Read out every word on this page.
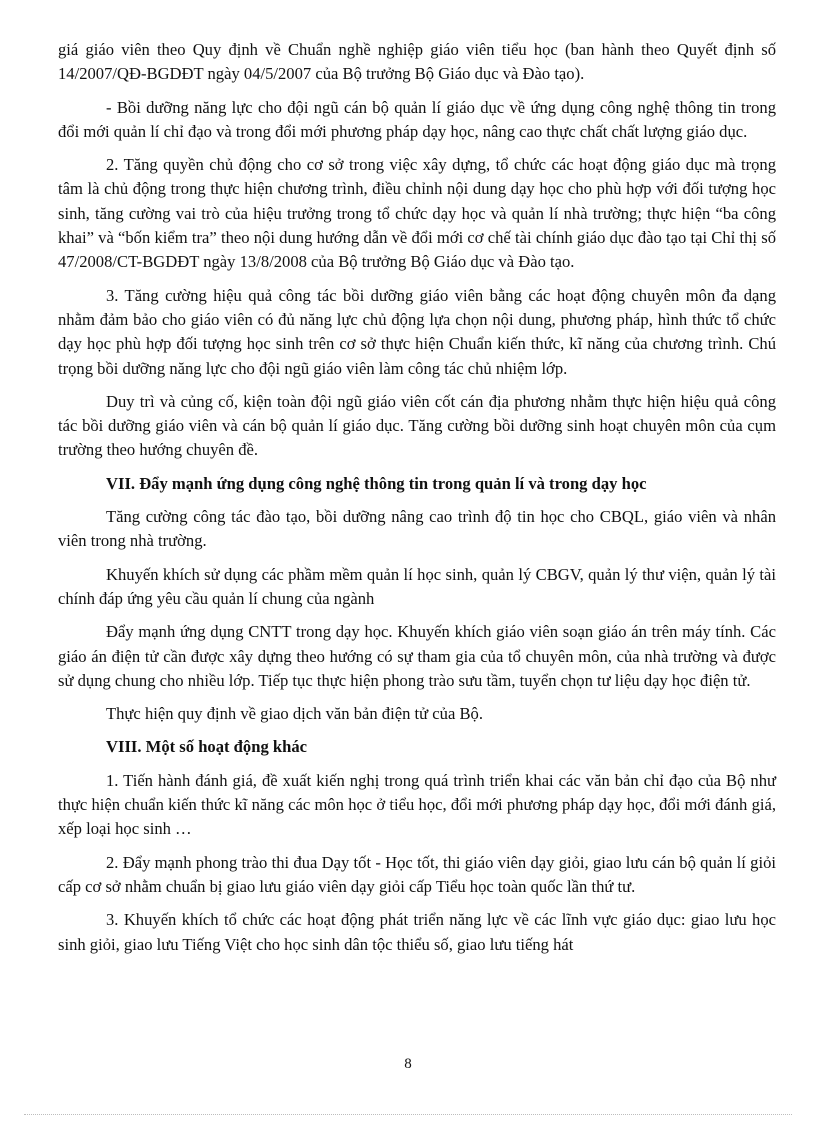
giá giáo viên theo Quy định về Chuẩn nghề nghiệp giáo viên tiểu học (ban hành theo Quyết định số 14/2007/QĐ-BGDĐT ngày 04/5/2007 của Bộ trưởng Bộ Giáo dục và Đào tạo).

- Bồi dưỡng năng lực cho đội ngũ cán bộ quản lí giáo dục về ứng dụng công nghệ thông tin trong đổi mới quản lí chỉ đạo và trong đổi mới phương pháp dạy học, nâng cao thực chất chất lượng giáo dục.

2. Tăng quyền chủ động cho cơ sở trong việc xây dựng, tổ chức các hoạt động giáo dục mà trọng tâm là chủ động trong thực hiện chương trình, điều chỉnh nội dung dạy học cho phù hợp với đối tượng học sinh, tăng cường vai trò của hiệu trưởng trong tổ chức dạy học và quản lí nhà trường; thực hiện “ba công khai” và “bốn kiểm tra” theo nội dung hướng dẫn về đổi mới cơ chế tài chính giáo dục đào tạo tại Chỉ thị số 47/2008/CT-BGDĐT ngày 13/8/2008 của Bộ trưởng Bộ Giáo dục và Đào tạo.

3. Tăng cường hiệu quả công tác bồi dưỡng giáo viên bằng các hoạt động chuyên môn đa dạng nhằm đảm bảo cho giáo viên có đủ năng lực chủ động lựa chọn nội dung, phương pháp, hình thức tổ chức dạy học phù hợp đối tượng học sinh trên cơ sở thực hiện Chuẩn kiến thức, kĩ năng của chương trình. Chú trọng bồi dưỡng năng lực cho đội ngũ giáo viên làm công tác chủ nhiệm lớp.

Duy trì và củng cố, kiện toàn đội ngũ giáo viên cốt cán địa phương nhằm thực hiện hiệu quả công tác bồi dưỡng giáo viên và cán bộ quản lí giáo dục. Tăng cường bồi dưỡng sinh hoạt chuyên môn của cụm trường theo hướng chuyên đề.

VII. Đẩy mạnh ứng dụng công nghệ thông tin trong quản lí và trong dạy học

Tăng cường công tác đào tạo, bồi dưỡng nâng cao trình độ tin học cho CBQL, giáo viên và nhân viên trong nhà trường.

Khuyến khích sử dụng các phầm mềm quản lí học sinh, quản lý CBGV, quản lý thư viện, quản lý tài chính đáp ứng yêu cầu quản lí chung của ngành

Đẩy mạnh ứng dụng CNTT trong dạy học. Khuyến khích giáo viên soạn giáo án trên máy tính. Các giáo án điện tử cần được xây dựng theo hướng có sự tham gia của tổ chuyên môn, của nhà trường và được sử dụng chung cho nhiều lớp. Tiếp tục thực hiện phong trào sưu tầm, tuyển chọn tư liệu dạy học điện tử.

Thực hiện quy định về giao dịch văn bản điện tử của Bộ.

VIII. Một số hoạt động khác

1. Tiến hành đánh giá, đề xuất kiến nghị trong quá trình triển khai các văn bản chỉ đạo của Bộ như thực hiện chuẩn kiến thức kĩ năng các môn học ở tiểu học, đổi mới phương pháp dạy học, đổi mới đánh giá, xếp loại học sinh …

2. Đẩy mạnh phong trào thi đua Dạy tốt - Học tốt, thi giáo viên dạy giỏi, giao lưu cán bộ quản lí giỏi cấp cơ sở nhằm chuẩn bị giao lưu giáo viên dạy giỏi cấp Tiểu học toàn quốc lần thứ tư.

3. Khuyến khích tổ chức các hoạt động phát triển năng lực về các lĩnh vực giáo dục: giao lưu học sinh giỏi, giao lưu Tiếng Việt cho học sinh dân tộc thiểu số, giao lưu tiếng hát

8
